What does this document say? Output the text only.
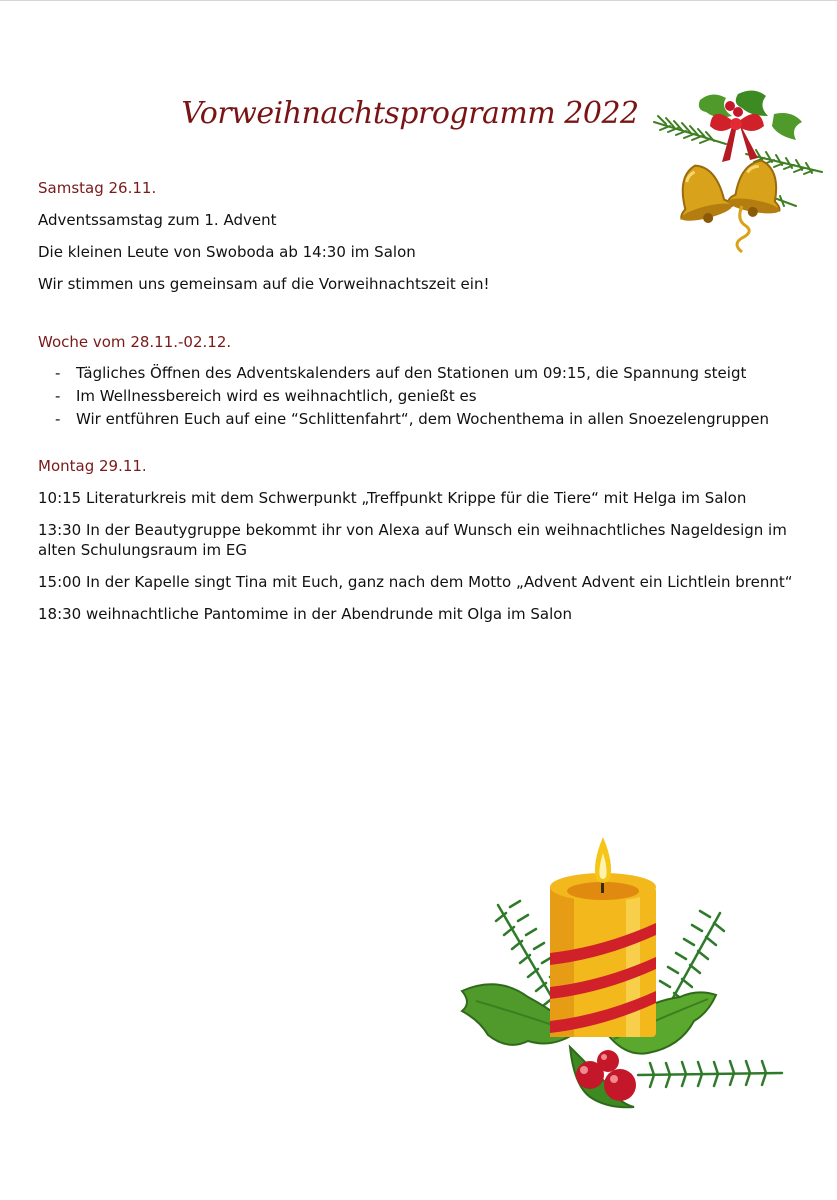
Vorweihnachtsprogramm 2022

Samstag 26.11.

Adventssamstag zum 1. Advent

Die kleinen Leute von Swoboda ab 14:30 im Salon

Wir stimmen uns gemeinsam auf die Vorweihnachtszeit ein!

Woche vom 28.11.-02.12.

- Tägliches Öffnen des Adventskalenders auf den Stationen um 09:15, die Spannung steigt
- Im Wellnessbereich wird es weihnachtlich, genießt es
- Wir entführen Euch auf eine “Schlittenfahrt“, dem Wochenthema in allen Snoezelengruppen

Montag 29.11.

10:15 Literaturkreis mit dem Schwerpunkt „Treffpunkt Krippe für die Tiere“ mit Helga im Salon

13:30 In der Beautygruppe bekommt ihr von Alexa auf Wunsch ein weihnachtliches Nageldesign im alten Schulungsraum im EG

15:00 In der Kapelle singt Tina mit Euch, ganz nach dem Motto „Advent Advent ein Lichtlein brennt“

18:30 weihnachtliche Pantomime in der Abendrunde mit Olga im Salon
